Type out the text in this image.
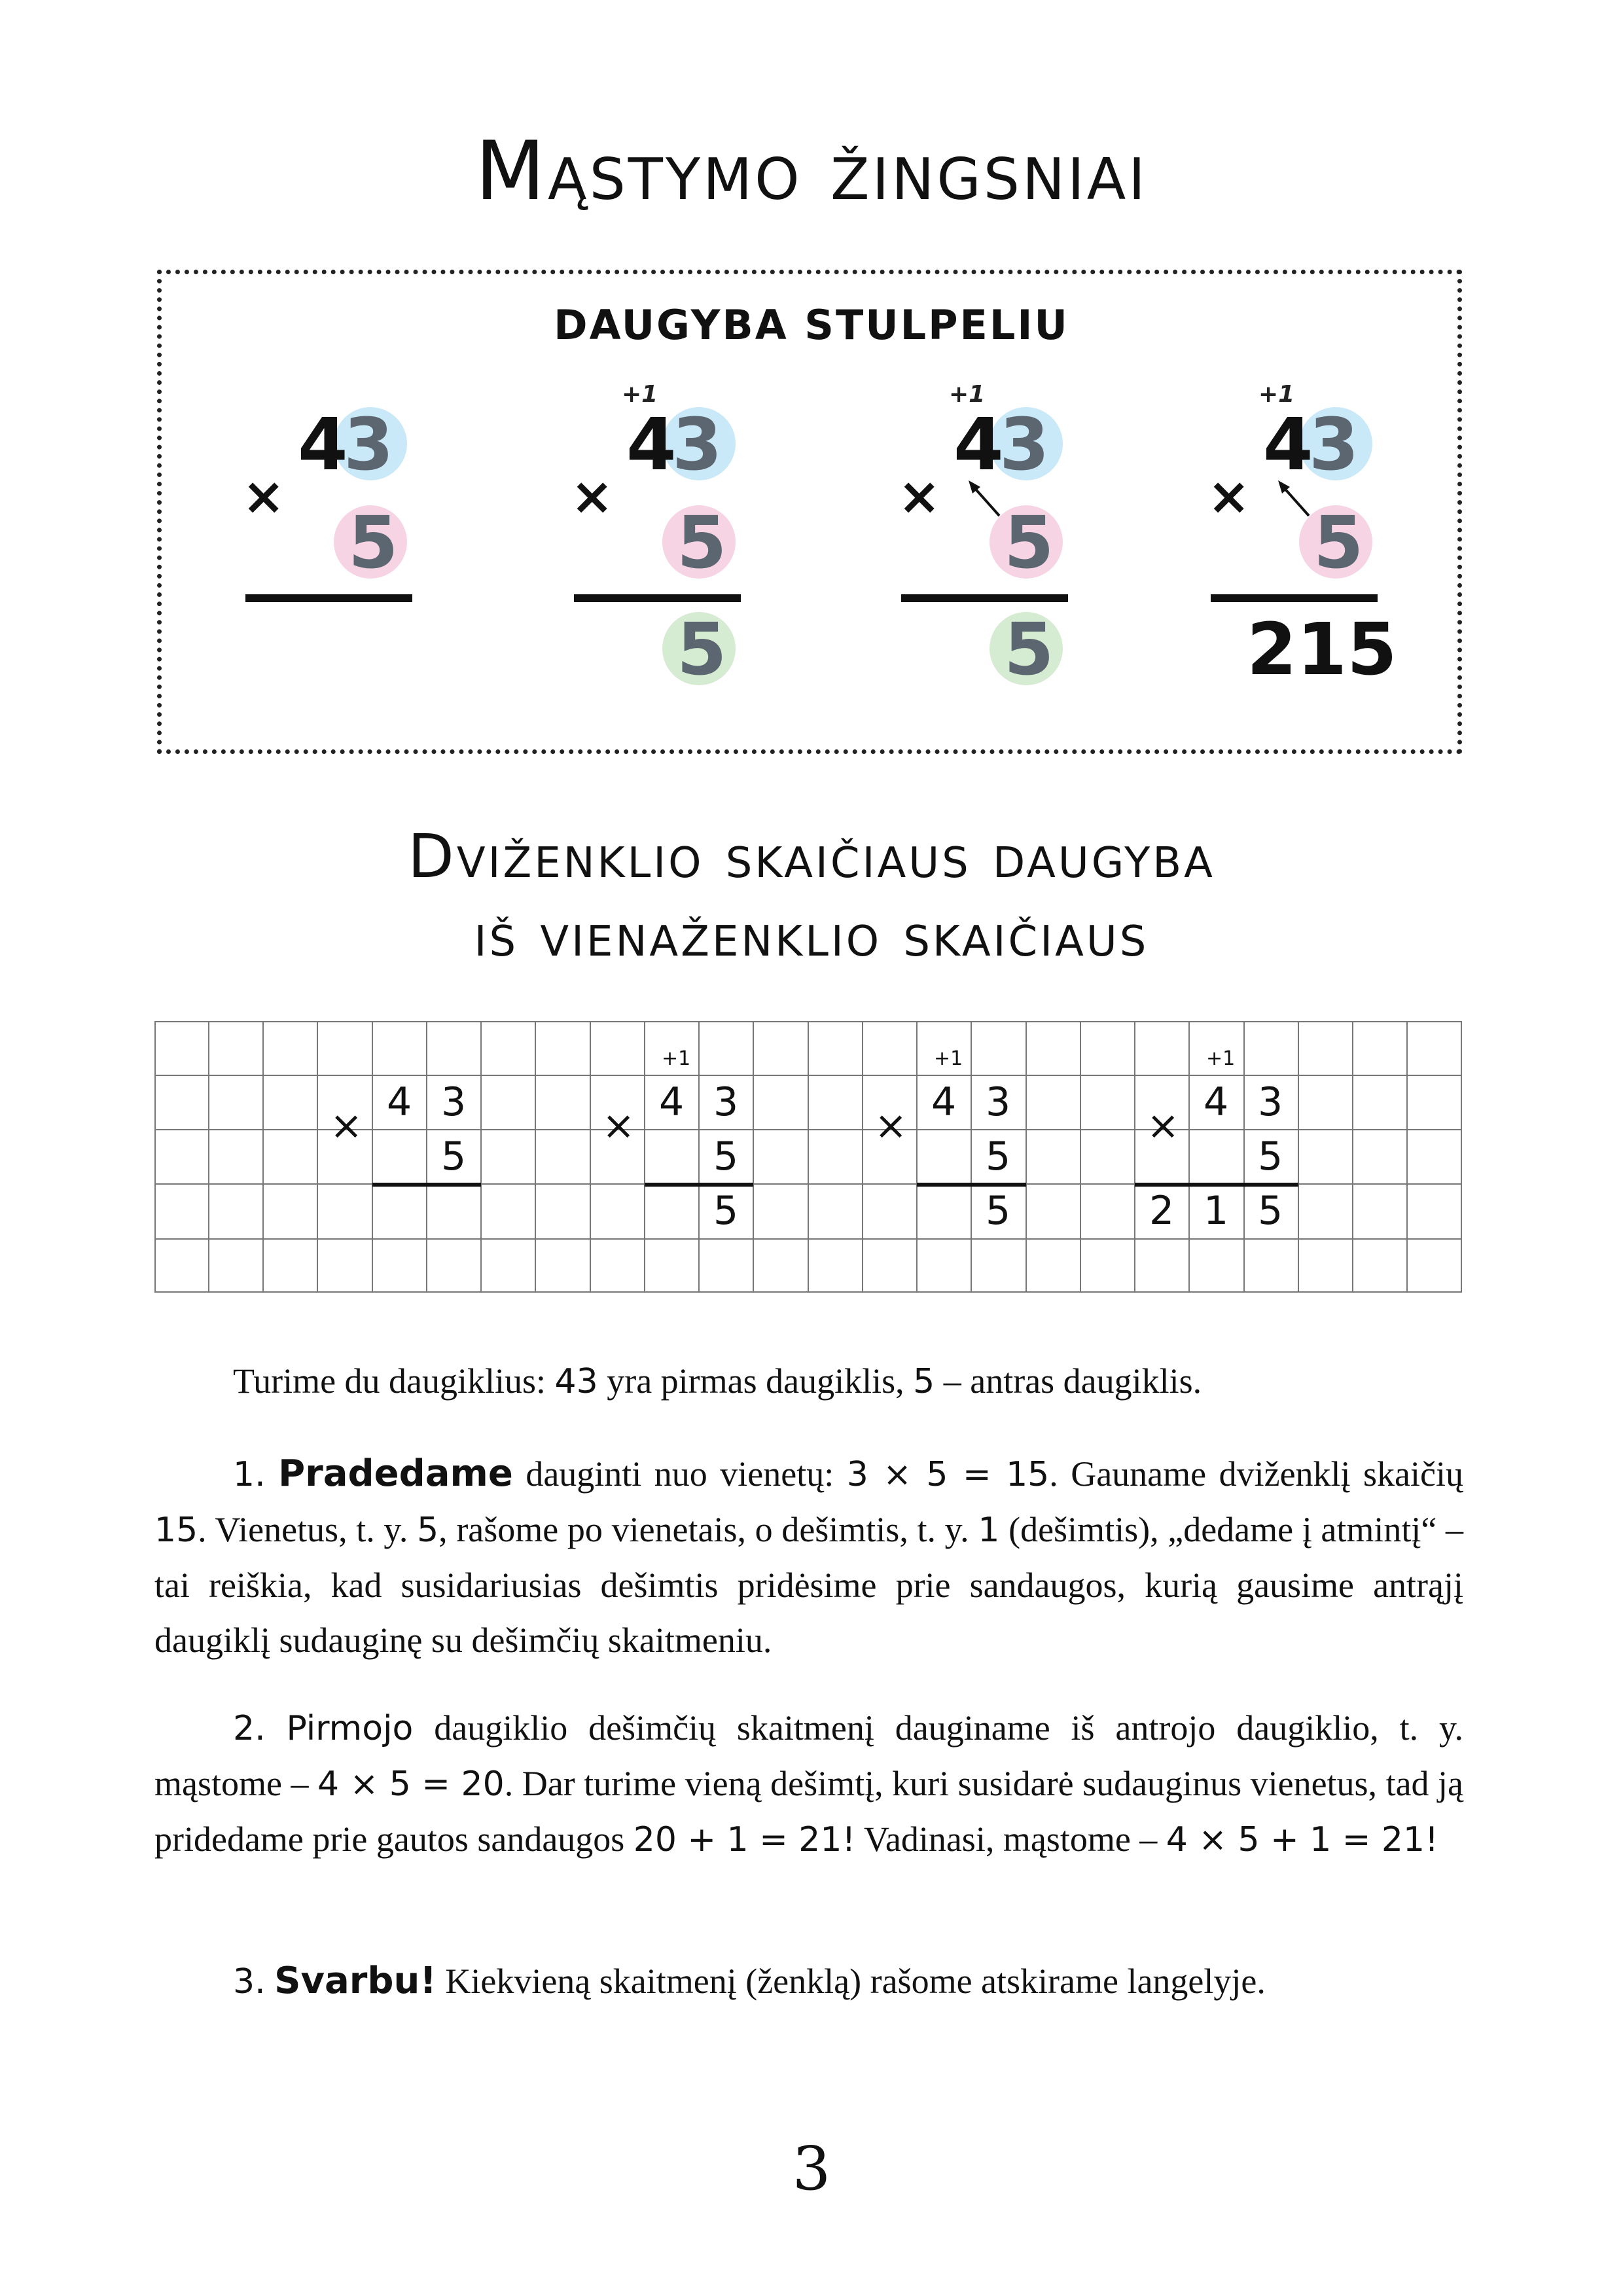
Mąstymo žingsniai
DAUGYBA STULPELIU
4
3
×
5
+1
4
3
×
5
5
+1
4
3
×
5
5
+1
4
3
×
5
215
Dviženklio skaičiaus daugyba
iš vienaženklio skaičiaus
×
4 3
5
+1
×
4 3
5
5
+1
×
4 3
5
5
+1
×
4 3
5
2 1 5
Turime du daugiklius: 43 yra pirmas daugiklis, 5 – antras daugiklis.
1. Pradedame dauginti nuo vienetų: 3 × 5 = 15. Gauname dviženklį skaičių 15. Vienetus, t. y. 5, rašome po vienetais, o dešimtis, t. y. 1 (dešimtis), „dedame į atmintį“ – tai reiškia, kad susidariusias dešimtis pridėsime prie sandaugos, kurią gausime antrąjį daugiklį sudauginę su dešimčių skaitmeniu.
2. Pirmojo daugiklio dešimčių skaitmenį dauginame iš antrojo daugiklio, t. y. mąstome – 4 × 5 = 20. Dar turime vieną dešimtį, kuri susidarė sudauginus vienetus, tad ją pridedame prie gautos sandaugos 20 + 1 = 21! Vadinasi, mąstome – 4 × 5 + 1 = 21!
3. Svarbu! Kiekvieną skaitmenį (ženklą) rašome atskirame langelyje.
3
